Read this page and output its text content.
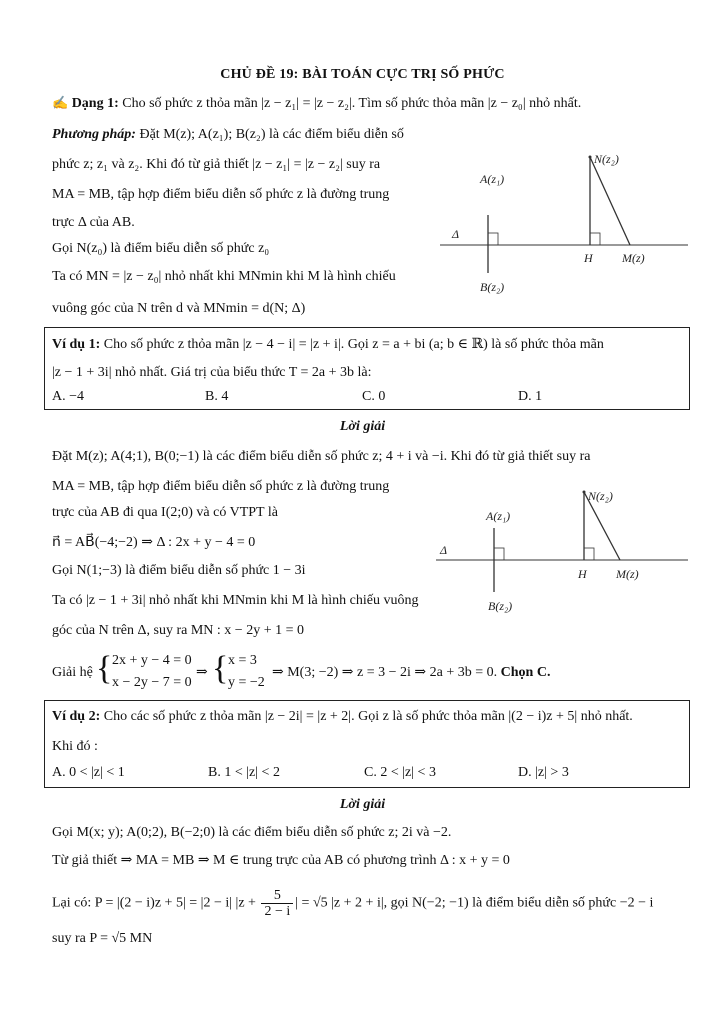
CHỦ ĐỀ 19: BÀI TOÁN CỰC TRỊ SỐ PHỨC
✍ Dạng 1: Cho số phức z thỏa mãn |z − z₁| = |z − z₂|. Tìm số phức thỏa mãn |z − z₀| nhỏ nhất.
Phương pháp: Đặt M(z); A(z₁); B(z₂) là các điểm biểu diễn số
phức z; z₁ và z₂. Khi đó từ giả thiết |z − z₁| = |z − z₂| suy ra
MA = MB, tập hợp điểm biểu diễn số phức z là đường trung
trực Δ của AB.
Gọi N(z₀) là điểm biểu diễn số phức z₀
Ta có MN = |z − z₀| nhỏ nhất khi MNmin khi M là hình chiếu
vuông góc của N trên d và MNmin = d(N; Δ)
A(z₁)
B(z₂)
N(z₂)
Δ
H M(z)
Ví dụ 1: Cho số phức z thỏa mãn |z − 4 − i| = |z + i|. Gọi z = a + bi (a; b ∈ ℝ) là số phức thỏa mãn
|z − 1 + 3i| nhỏ nhất. Giá trị của biểu thức T = 2a + 3b là:
A. −4	B. 4	C. 0	D. 1
Lời giải
Đặt M(z); A(4;1), B(0;−1) là các điểm biểu diễn số phức z; 4 + i và −i. Khi đó từ giả thiết suy ra
MA = MB, tập hợp điểm biểu diễn số phức z là đường trung
trực của AB đi qua I(2;0) và có VTPT là
n⃗ = AB⃗(−4;−2) ⇒ Δ : 2x + y − 4 = 0
Gọi N(1;−3) là điểm biểu diễn số phức 1 − 3i
Ta có |z − 1 + 3i| nhỏ nhất khi MNmin khi M là hình chiếu vuông
góc của N trên Δ, suy ra MN : x − 2y + 1 = 0
A(z₁)
B(z₂)
N(z₂)
Δ
H M(z)
Giải hệ { 2x + y − 4 = 0
x − 2y − 7 = 0
⇒ { x = 3
y = −2
⇒ M(3; −2) ⇒ z = 3 − 2i ⇒ 2a + 3b = 0. Chọn C.
Ví dụ 2: Cho các số phức z thỏa mãn |z − 2i| = |z + 2|. Gọi z là số phức thỏa mãn |(2 − i)z + 5| nhỏ nhất.
Khi đó :
A. 0 < |z| < 1	B. 1 < |z| < 2	C. 2 < |z| < 3	D. |z| > 3
Lời giải
Gọi M(x; y); A(0;2), B(−2;0) là các điểm biểu diễn số phức z; 2i và −2.
Từ giả thiết ⇒ MA = MB ⇒ M ∈ trung trực của AB có phương trình Δ : x + y = 0
Lại có: P = |(2 − i)z + 5| = |2 − i| $|z + \frac{5}{2 - i}$ | = √5 |z + 2 + i|, gọi N(−2; −1) là điểm biểu diễn số phức −2 − i
suy ra P = √5 MN
